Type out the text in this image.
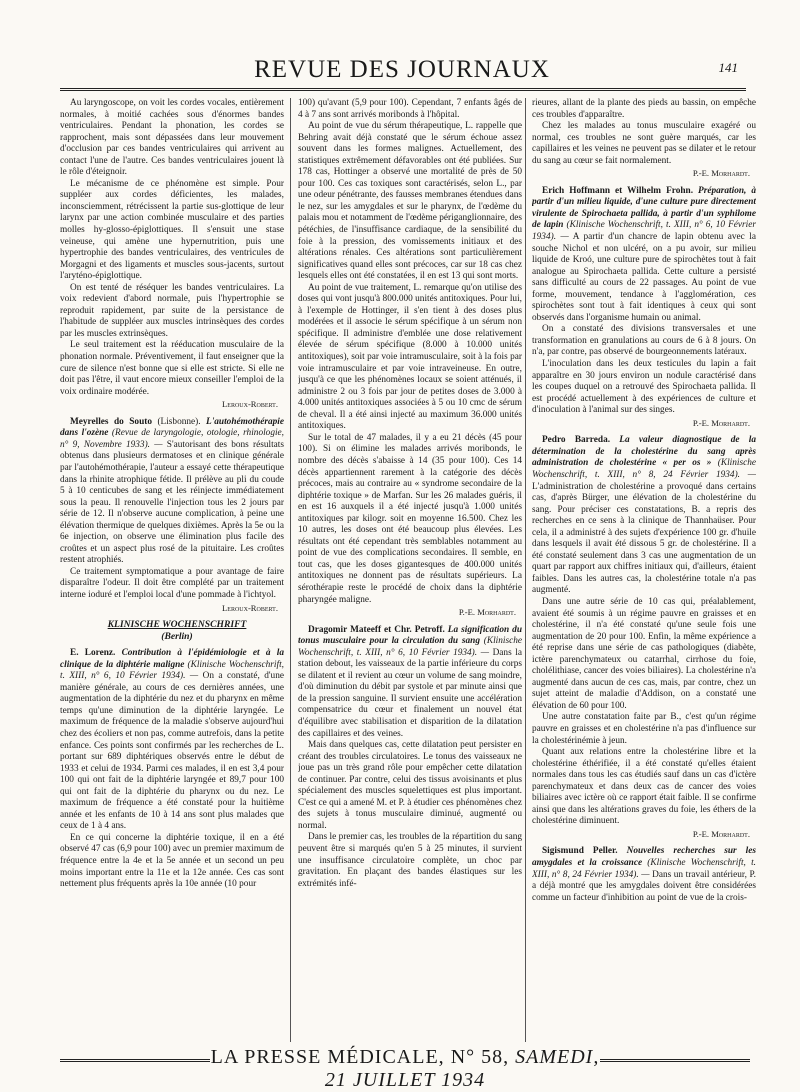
REVUE DES JOURNAUX	141

Au laryngoscope, on voit les cordes vocales, entièrement normales, à moitié cachées sous d'énormes bandes ventriculaires. Pendant la phonation, les cordes se rapprochent, mais sont dépassées dans leur mouvement d'occlusion par ces bandes ventriculaires qui arrivent au contact l'une de l'autre. Ces bandes ventriculaires jouent là le rôle d'éteignoir.

Le mécanisme de ce phénomène est simple. Pour suppléer aux cordes déficientes, les malades, inconsciemment, rétrécissent la partie sus-glottique de leur larynx par une action combinée musculaire et des parties molles hy-glosso-épiglottiques. Il s'ensuit une stase veineuse, qui amène une hypernutrition, puis une hypertrophie des bandes ventriculaires, des ventricules de Morgagni et des ligaments et muscles sous-jacents, surtout l'aryténo-épiglottique.

On est tenté de réséquer les bandes ventriculaires. La voix redevient d'abord normale, puis l'hypertrophie se reproduit rapidement, par suite de la persistance de l'habitude de suppléer aux muscles intrinsèques des cordes par les muscles extrinsèques.

Le seul traitement est la rééducation musculaire de la phonation normale. Préventivement, il faut enseigner que la cure de silence n'est bonne que si elle est stricte. Si elle ne doit pas l'être, il vaut encore mieux conseiller l'emploi de la voix ordinaire modérée.

Leroux-Robert.

Meyrelles do Souto (Lisbonne). L'autohémothérapie dans l'ozène (Revue de laryngologie, otologie, rhinologie, n° 9, Novembre 1933). — S'autorisant des bons résultats obtenus dans plusieurs dermatoses et en clinique générale par l'autohémothérapie, l'auteur a essayé cette thérapeutique dans la rhinite atrophique fétide. Il prélève au pli du coude 5 à 10 centicubes de sang et les réinjecte immédiatement sous la peau. Il renouvelle l'injection tous les 2 jours par série de 12. Il n'observe aucune complication, à peine une élévation thermique de quelques dixièmes. Après la 5e ou la 6e injection, on observe une élimination plus facile des croûtes et un aspect plus rosé de la pituitaire. Les croûtes restent atrophiés.

Ce traitement symptomatique a pour avantage de faire disparaître l'odeur. Il doit être complété par un traitement interne ioduré et l'emploi local d'une pommade à l'ichtyol.

Leroux-Robert.

KLINISCHE WOCHENSCHRIFT

(Berlin)

E. Lorenz. Contribution à l'épidémiologie et à la clinique de la diphtérie maligne (Klinische Wochenschrift, t. XIII, n° 6, 10 Février 1934). — On a constaté, d'une manière générale, au cours de ces dernières années, une augmentation de la diphtérie du nez et du pharynx en même temps qu'une diminution de la diphtérie laryngée. Le maximum de fréquence de la maladie s'observe aujourd'hui chez des écoliers et non pas, comme autrefois, dans la petite enfance. Ces points sont confirmés par les recherches de L. portant sur 689 diphtériques observés entre le début de 1933 et celui de 1934. Parmi ces malades, il en est 3,4 pour 100 qui ont fait de la diphtérie laryngée et 89,7 pour 100 qui ont fait de la diphtérie du pharynx ou du nez. Le maximum de fréquence a été constaté pour la huitième année et les enfants de 10 à 14 ans sont plus malades que ceux de 1 à 4 ans.

En ce qui concerne la diphtérie toxique, il en a été observé 47 cas (6,9 pour 100) avec un premier maximum de fréquence entre la 4e et la 5e année et un second un peu moins important entre la 11e et la 12e année. Ces cas sont nettement plus fréquents après la 10e année (10 pour

100) qu'avant (5,9 pour 100). Cependant, 7 enfants âgés de 4 à 7 ans sont arrivés moribonds à l'hôpital.

Au point de vue du sérum thérapeutique, L. rappelle que Behring avait déjà constaté que le sérum échoue assez souvent dans les formes malignes. Actuellement, des statistiques extrêmement défavorables ont été publiées. Sur 178 cas, Hottinger a observé une mortalité de près de 50 pour 100. Ces cas toxiques sont caractérisés, selon L., par une odeur pénétrante, des fausses membranes étendues dans le nez, sur les amygdales et sur le pharynx, de l'œdème du palais mou et notamment de l'œdème périganglionnaire, des pétéchies, de l'insuffisance cardiaque, de la sensibilité du foie à la pression, des vomissements initiaux et des altérations rénales. Ces altérations sont particulièrement significatives quand elles sont précoces, car sur 18 cas chez lesquels elles ont été constatées, il en est 13 qui sont morts.

Au point de vue traitement, L. remarque qu'on utilise des doses qui vont jusqu'à 800.000 unités antitoxiques. Pour lui, à l'exemple de Hottinger, il s'en tient à des doses plus modérées et il associe le sérum spécifique à un sérum non spécifique. Il administre d'emblée une dose relativement élevée de sérum spécifique (8.000 à 10.000 unités antitoxiques), soit par voie intramusculaire, soit à la fois par voie intramusculaire et par voie intraveineuse. En outre, jusqu'à ce que les phénomènes locaux se soient atténués, il administre 2 ou 3 fois par jour de petites doses de 3.000 à 4.000 unités antitoxiques associées à 5 ou 10 cmc de sérum de cheval. Il a été ainsi injecté au maximum 36.000 unités antitoxiques.

Sur le total de 47 malades, il y a eu 21 décès (45 pour 100). Si on élimine les malades arrivés moribonds, le nombre des décès s'abaisse à 14 (35 pour 100). Ces 14 décès appartiennent rarement à la catégorie des décès précoces, mais au contraire au « syndrome secondaire de la diphtérie toxique » de Marfan. Sur les 26 malades guéris, il en est 16 auxquels il a été injecté jusqu'à 1.000 unités antitoxiques par kilogr. soit en moyenne 16.500. Chez les 10 autres, les doses ont été beaucoup plus élevées. Les résultats ont été cependant très semblables notamment au point de vue des complications secondaires. Il semble, en tout cas, que les doses gigantesques de 400.000 unités antitoxiques ne donnent pas de résultats supérieurs. La sérothérapie reste le procédé de choix dans la diphtérie pharyngée maligne.

P.-E. Morhardt.

Dragomir Mateeff et Chr. Petroff. La signification du tonus musculaire pour la circulation du sang (Klinische Wochenschrift, t. XIII, n° 6, 10 Février 1934). — Dans la station debout, les vaisseaux de la partie inférieure du corps se dilatent et il revient au cœur un volume de sang moindre, d'où diminution du débit par systole et par minute ainsi que de la pression sanguine. Il survient ensuite une accélération compensatrice du cœur et finalement un nouvel état d'équilibre avec stabilisation et disparition de la dilatation des capillaires et des veines.

Mais dans quelques cas, cette dilatation peut persister en créant des troubles circulatoires. Le tonus des vaisseaux ne joue pas un très grand rôle pour empêcher cette dilatation de continuer. Par contre, celui des tissus avoisinants et plus spécialement des muscles squelettiques est plus important. C'est ce qui a amené M. et P. à étudier ces phénomènes chez des sujets à tonus musculaire diminué, augmenté ou normal.

Dans le premier cas, les troubles de la répartition du sang peuvent être si marqués qu'en 5 à 25 minutes, il survient une insuffisance circulatoire complète, un choc par gravitation. En plaçant des bandes élastiques sur les extrémités infé-

rieures, allant de la plante des pieds au bassin, on empêche ces troubles d'apparaître.

Chez les malades au tonus musculaire exagéré ou normal, ces troubles ne sont guère marqués, car les capillaires et les veines ne peuvent pas se dilater et le retour du sang au cœur se fait normalement.

P.-E. Morhardt.

Erich Hoffmann et Wilhelm Frohn. Préparation, à partir d'un milieu liquide, d'une culture pure directement virulente de Spirochaeta pallida, à partir d'un syphilome de lapin (Klinische Wochenschrift, t. XIII, n° 6, 10 Février 1934). — A partir d'un chancre de lapin obtenu avec la souche Nichol et non ulcéré, on a pu avoir, sur milieu liquide de Kroó, une culture pure de spirochètes tout à fait analogue au Spirochaeta pallida. Cette culture a persisté sans difficulté au cours de 22 passages. Au point de vue forme, mouvement, tendance à l'agglomération, ces spirochètes sont tout à fait identiques à ceux qui sont observés dans l'organisme humain ou animal.

On a constaté des divisions transversales et une transformation en granulations au cours de 6 à 8 jours. On n'a, par contre, pas observé de bourgeonnements latéraux.

L'inoculation dans les deux testicules du lapin a fait apparaître en 30 jours environ un nodule caractérisé dans les coupes duquel on a retrouvé des Spirochaeta pallida. Il est procédé actuellement à des expériences de culture et d'inoculation à l'animal sur des singes.

P.-E. Morhardt.

Pedro Barreda. La valeur diagnostique de la détermination de la cholestérine du sang après administration de cholestérine « per os » (Klinische Wochenschrift, t. XIII, n° 8, 24 Février 1934). — L'administration de cholestérine a provoqué dans certains cas, d'après Bürger, une élévation de la cholestérine du sang. Pour préciser ces constatations, B. a repris des recherches en ce sens à la clinique de Thannhaüser. Pour cela, il a administré à des sujets d'expérience 100 gr. d'huile dans lesquels il avait été dissous 5 gr. de cholestérine. Il a été constaté seulement dans 3 cas une augmentation de un quart par rapport aux chiffres initiaux qui, d'ailleurs, étaient faibles. Dans les autres cas, la cholestérine totale n'a pas augmenté.

Dans une autre série de 10 cas qui, préalablement, avaient été soumis à un régime pauvre en graisses et en cholestérine, il n'a été constaté qu'une seule fois une augmentation de 20 pour 100. Enfin, la même expérience a été reprise dans une série de cas pathologiques (diabète, ictère parenchymateux ou catarrhal, cirrhose du foie, cholélithiase, cancer des voies biliaires). La cholestérine n'a augmenté dans aucun de ces cas, mais, par contre, chez un sujet atteint de maladie d'Addison, on a constaté une élévation de 60 pour 100.

Une autre constatation faite par B., c'est qu'un régime pauvre en graisses et en cholestérine n'a pas d'influence sur la cholestérinémie à jeun.

Quant aux relations entre la cholestérine libre et la cholestérine éthérifiée, il a été constaté qu'elles étaient normales dans tous les cas étudiés sauf dans un cas d'ictère parenchymateux et dans deux cas de cancer des voies biliaires avec ictère où ce rapport était faible. Il se confirme ainsi que dans les altérations graves du foie, les éthers de la cholestérine diminuent.

P.-E. Morhardt.

Sigismund Peller. Nouvelles recherches sur les amygdales et la croissance (Klinische Wochenschrift, t. XIII, n° 8, 24 Février 1934). — Dans un travail antérieur, P. a déjà montré que les amygdales doivent être considérées comme un facteur d'inhibition au point de vue de la crois-

LA PRESSE MÉDICALE, N° 58, SAMEDI, 21 JUILLET 1934
